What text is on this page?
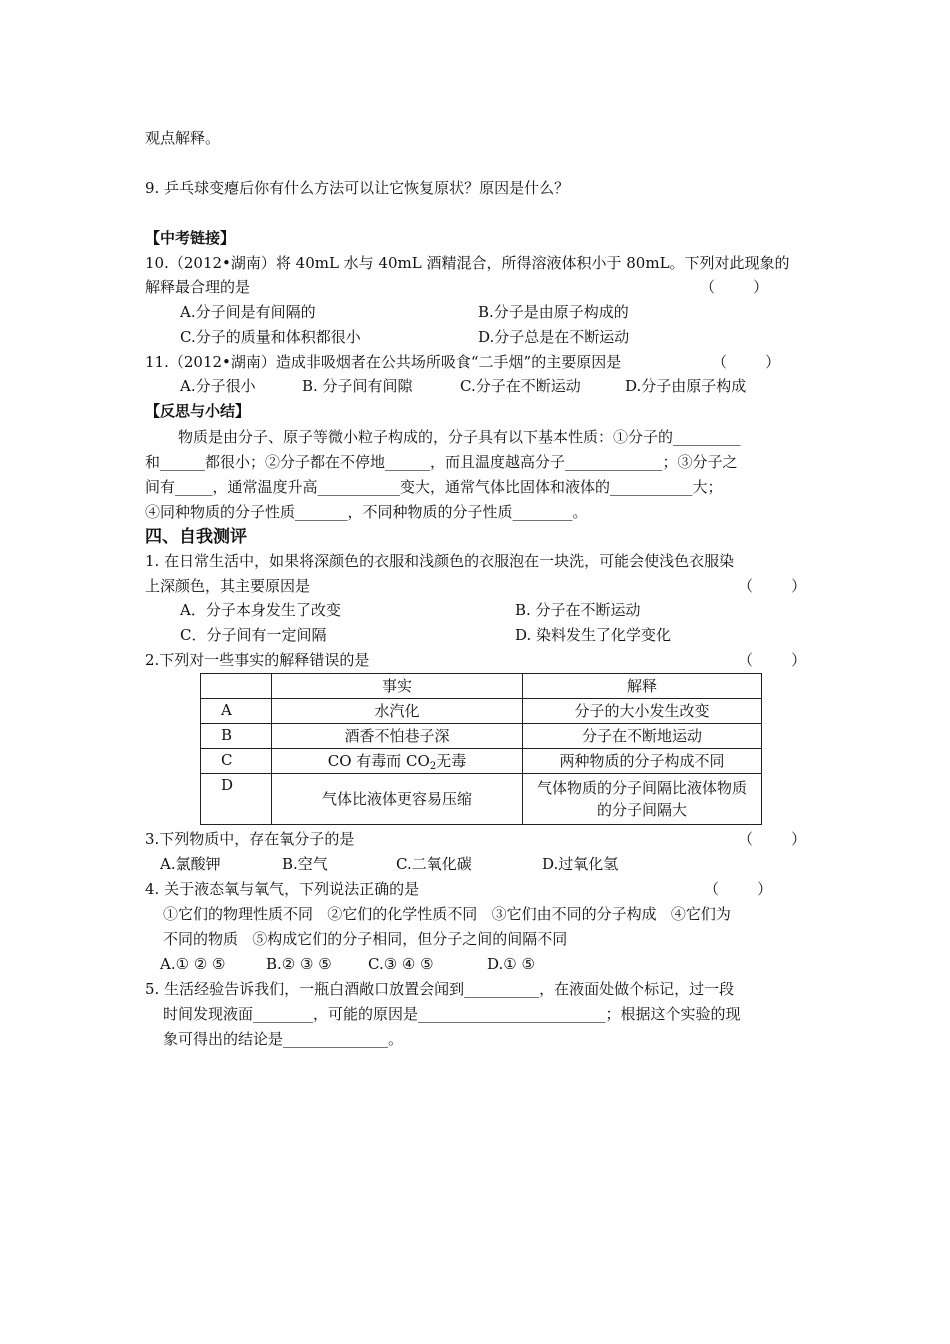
观点解释。
9. 乒乓球变瘪后你有什么方法可以让它恢复原状？原因是什么？
【中考链接】
10.（2012•湖南）将 40mL 水与 40mL 酒精混合，所得溶液体积小于 80mL。下列对此现象的
解释最合理的是	（        ）
A.分子间是有间隔的	B.分子是由原子构成的
C.分子的质量和体积都很小	D.分子总是在不断运动
11.（2012•湖南）造成非吸烟者在公共场所吸食“二手烟”的主要原因是	（        ）
A.分子很小	B. 分子间有间隙	C.分子在不断运动	D.分子由原子构成
【反思与小结】
物质是由分子、原子等微小粒子构成的，分子具有以下基本性质：①分子的_________
和______都很小；②分子都在不停地______，而且温度越高分子_____________；③分子之
间有_____，通常温度升高___________变大，通常气体比固体和液体的___________大；
④同种物质的分子性质_______，不同种物质的分子性质________。
四、自我测评
1. 在日常生活中，如果将深颜色的衣服和浅颜色的衣服泡在一块洗，可能会使浅色衣服染
上深颜色，其主要原因是	（        ）
A．分子本身发生了改变	B. 分子在不断运动
C．分子间有一定间隔	D. 染料发生了化学变化
2.下列对一些事实的解释错误的是	（        ）
	事实	解释
A	水汽化	分子的大小发生改变
B	酒香不怕巷子深	分子在不断地运动
C	CO 有毒而 $CO_2$无毒	两种物质的分子构成不同
D	气体比液体更容易压缩	气体物质的分子间隔比液体物质
的分子间隔大
3.下列物质中，存在氧分子的是	（        ）
A.氯酸钾	B.空气	C.二氧化碳	D.过氧化氢
4. 关于液态氧与氧气，下列说法正确的是	（        ）
①它们的物理性质不同   ②它们的化学性质不同   ③它们由不同的分子构成   ④它们为
不同的物质   ⑤构成它们的分子相同，但分子之间的间隔不同
A.① ② ⑤	B.② ③ ⑤ C.③ ④ ⑤	D.① ⑤
5. 生活经验告诉我们，一瓶白酒敞口放置会闻到__________，在液面处做个标记，过一段
时间发现液面________，可能的原因是_________________________；根据这个实验的现
象可得出的结论是______________。
